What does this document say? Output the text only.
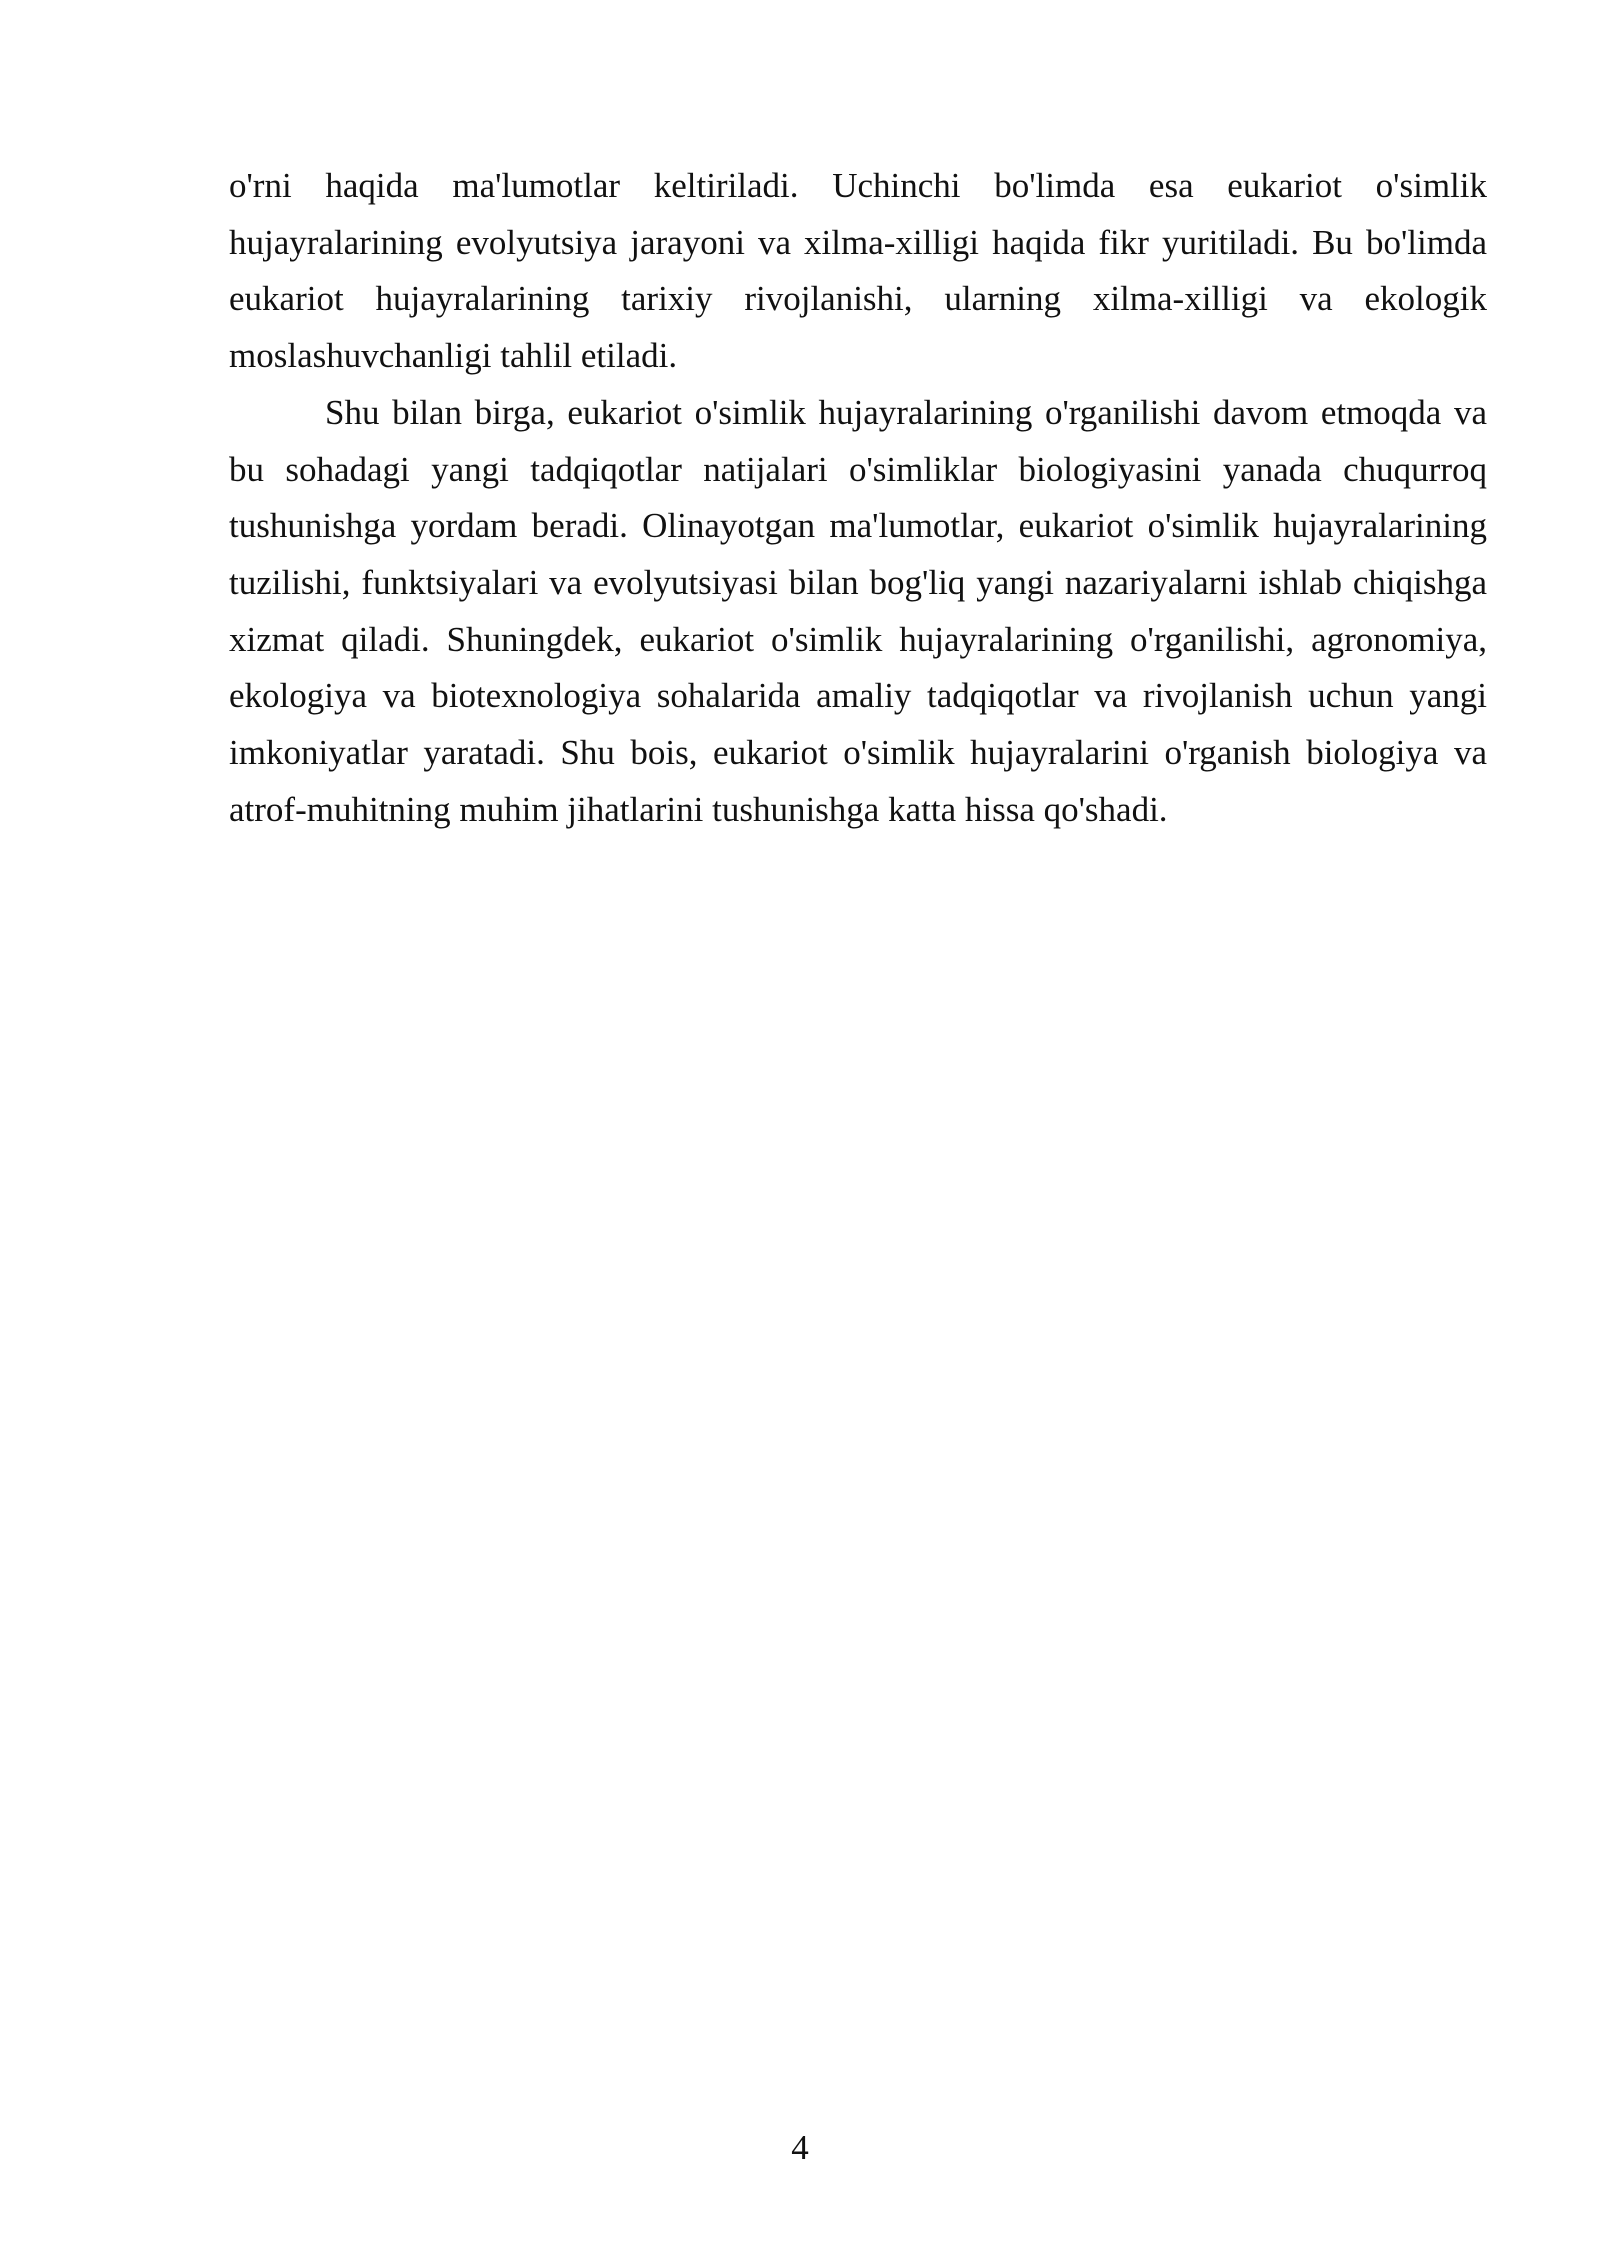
o'rni haqida ma'lumotlar keltiriladi. Uchinchi bo'limda esa eukariot o'simlik hujayralarining evolyutsiya jarayoni va xilma-xilligi haqida fikr yuritiladi. Bu bo'limda eukariot hujayralarining tarixiy rivojlanishi, ularning xilma-xilligi va ekologik moslashuvchanligi tahlil etiladi.

Shu bilan birga, eukariot o'simlik hujayralarining o'rganilishi davom etmoqda va bu sohadagi yangi tadqiqotlar natijalari o'simliklar biologiyasini yanada chuqurroq tushunishga yordam beradi. Olinayotgan ma'lumotlar, eukariot o'simlik hujayralarining tuzilishi, funktsiyalari va evolyutsiyasi bilan bog'liq yangi nazariyalarni ishlab chiqishga xizmat qiladi. Shuningdek, eukariot o'simlik hujayralarining o'rganilishi, agronomiya, ekologiya va biotexnologiya sohalarida amaliy tadqiqotlar va rivojlanish uchun yangi imkoniyatlar yaratadi. Shu bois, eukariot o'simlik hujayralarini o'rganish biologiya va atrof-muhitning muhim jihatlarini tushunishga katta hissa qo'shadi.

4
